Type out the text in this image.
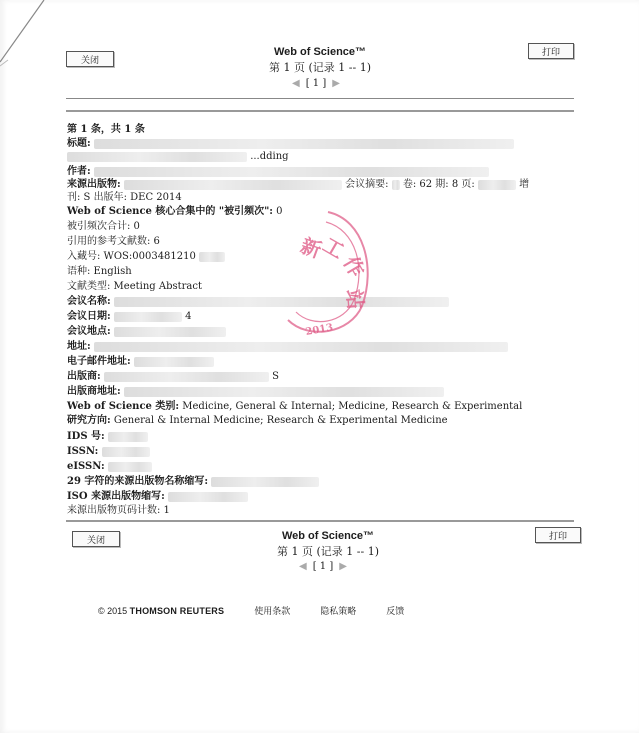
关闭
打印
Web of Science™
第 1 页 (记录 1 -- 1)
◀ [ 1 ] ▶
第 1 条，共 1 条
标题:
...dding
作者:
来源出版物:	会议摘要: 卷: 62 期: 8 页:	增
刊: S 出版年: DEC 2014
Web of Science 核心合集中的 "被引频次": 0
被引频次合计: 0
引用的参考文献数: 6
入藏号: WOS:0003481210
语种: English
文献类型: Meeting Abstract
会议名称:
会议日期:	4
会议地点:
地址:
电子邮件地址:
出版商:	S
出版商地址:
Web of Science 类别: Medicine, General & Internal; Medicine, Research & Experimental
研究方向: General & Internal Medicine; Research & Experimental Medicine
IDS 号:
ISSN:
eISSN:
29 字符的来源出版物名称缩写:
ISO 来源出版物缩写:
来源出版物页码计数: 1
新
工
作
站
2013
关闭	打印
Web of Science™
第 1 页 (记录 1 -- 1)
◀ [ 1 ] ▶
© 2015 THOMSON REUTERS	使用条款	隐私策略	反馈
